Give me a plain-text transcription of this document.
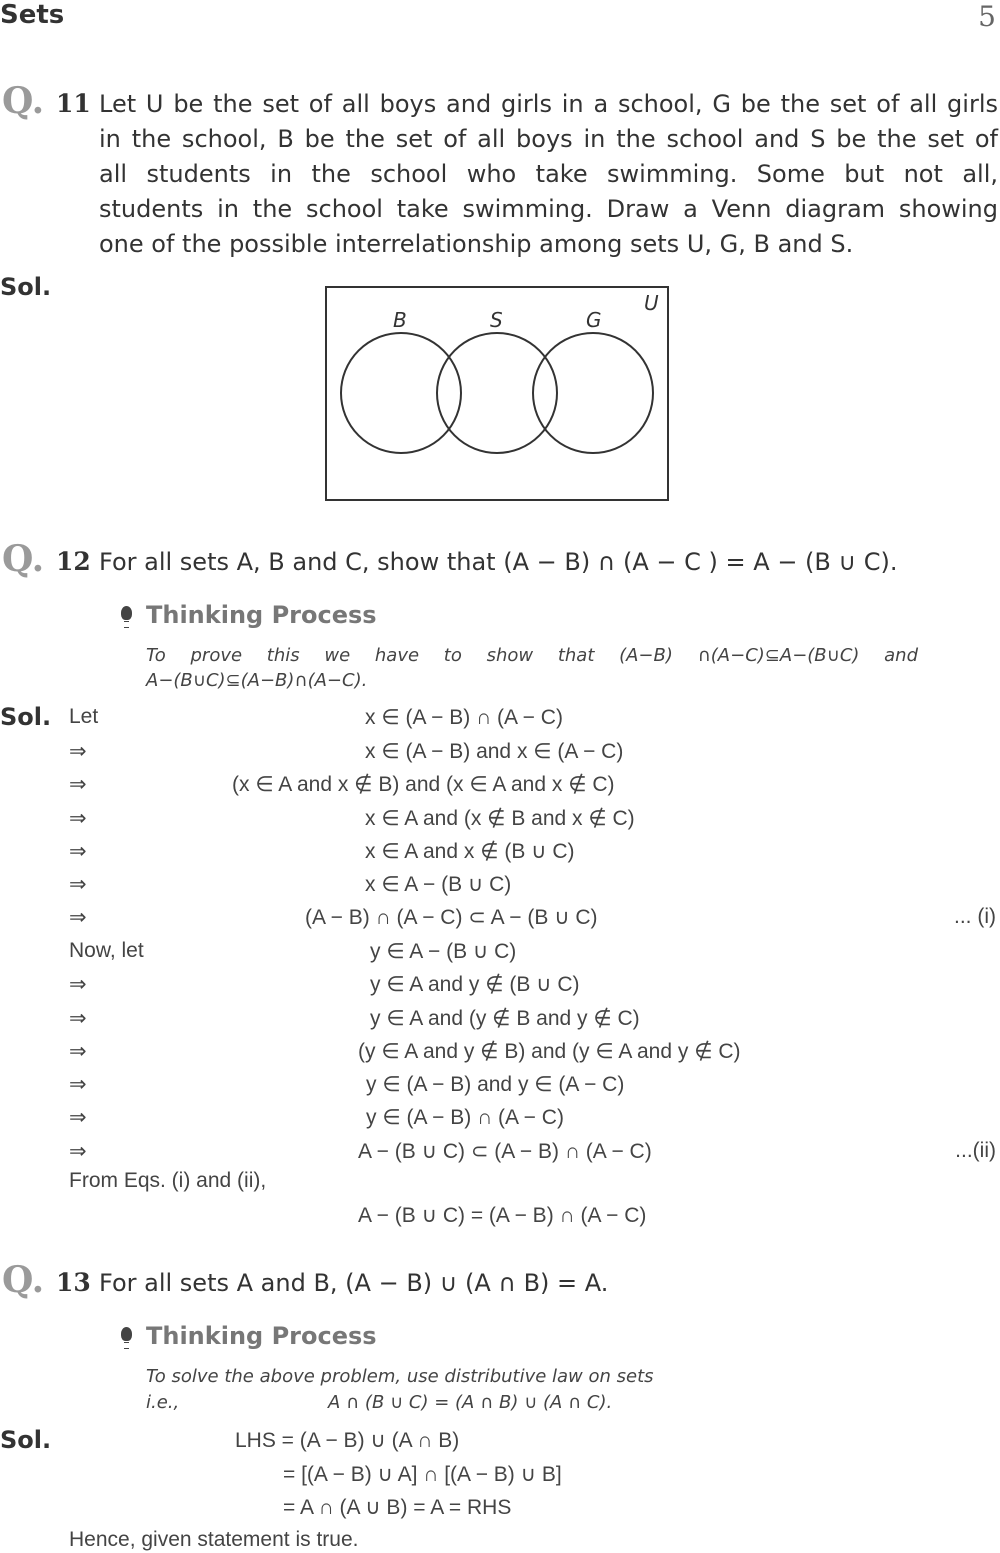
Sets	5
Q. 11 Let U be the set of all boys and girls in a school, G be the set of all girls
in the school, B be the set of all boys in the school and S be the set of
all students in the school who take swimming. Some but not all,
students in the school take swimming. Draw a Venn diagram showing
one of the possible interrelationship among sets U, G, B and S.
Sol.
U
B	S	G
Q. 12 For all sets A, B and C, show that (A − B) ∩ (A − C ) = A − (B ∪ C).
Thinking Process
To prove this we have to show that (A−B) ∩(A−C)⊆A−(B∪C) and
A−(B∪C)⊆(A−B)∩(A−C).
Sol. Let	x ∈ (A − B) ∩ (A − C)
⇒	x ∈ (A − B) and x ∈ (A − C)
⇒	(x ∈ A and x ∉ B) and (x ∈ A and x ∉ C)
⇒	x ∈ A and (x ∉ B and x ∉ C)
⇒	x ∈ A and x ∉ (B ∪ C)
⇒	x ∈ A − (B ∪ C)
⇒	(A − B) ∩ (A − C) ⊂ A − (B ∪ C)	... (i)
Now, let	y ∈ A − (B ∪ C)
⇒	y ∈ A and y ∉ (B ∪ C)
⇒	y ∈ A and (y ∉ B and y ∉ C)
⇒	(y ∈ A and y ∉ B) and (y ∈ A and y ∉ C)
⇒	y ∈ (A − B) and y ∈ (A − C)
⇒	y ∈ (A − B) ∩ (A − C)
⇒	A − (B ∪ C) ⊂ (A − B) ∩ (A − C)	...(ii)
From Eqs. (i) and (ii),
A − (B ∪ C) = (A − B) ∩ (A − C)
Q. 13 For all sets A and B, (A − B) ∪ (A ∩ B) = A.
Thinking Process
To solve the above problem, use distributive law on sets
i.e.,	A ∩ (B ∪ C) = (A ∩ B) ∪ (A ∩ C).
Sol.	LHS = (A − B) ∪ (A ∩ B)
= [(A − B) ∪ A] ∩ [(A − B) ∪ B]
= A ∩ (A ∪ B) = A = RHS
Hence, given statement is true.
